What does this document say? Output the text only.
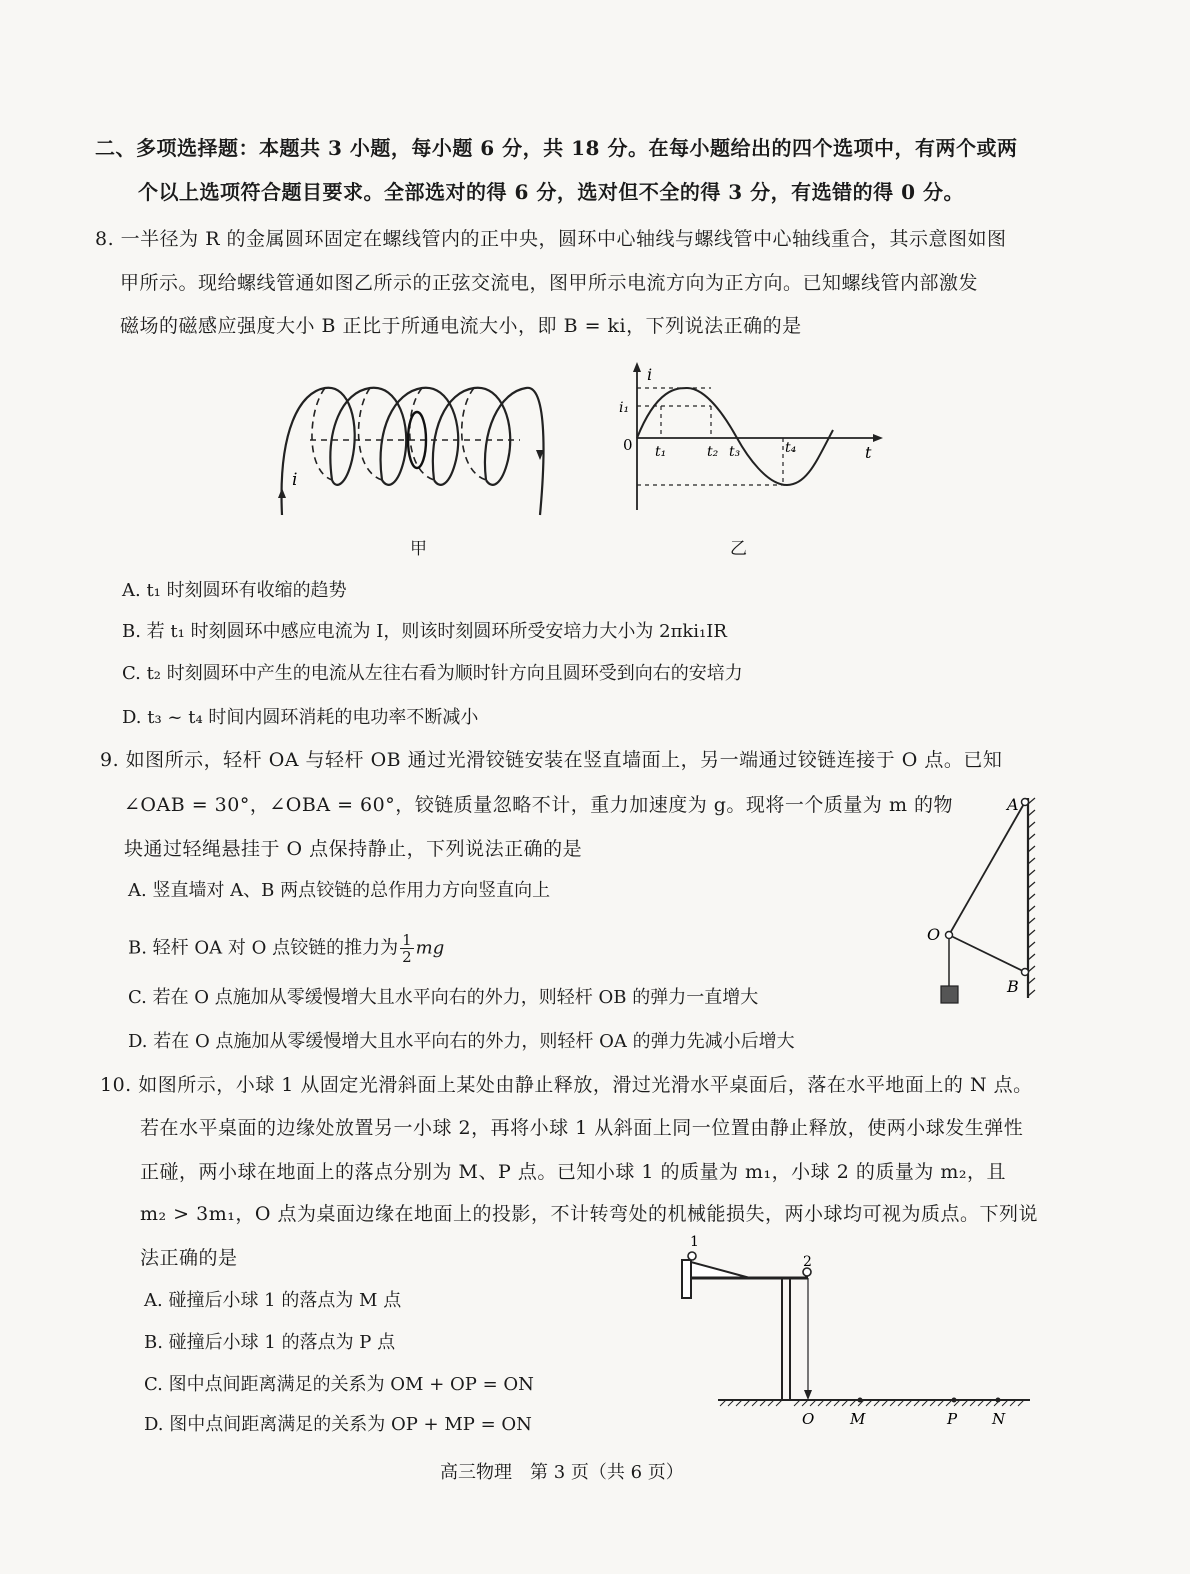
二、多项选择题：本题共 3 小题，每小题 6 分，共 18 分。在每小题给出的四个选项中，有两个或两
个以上选项符合题目要求。全部选对的得 6 分，选对但不全的得 3 分，有选错的得 0 分。
8. 一半径为 R 的金属圆环固定在螺线管内的正中央，圆环中心轴线与螺线管中心轴线重合，其示意图如图
甲所示。现给螺线管通如图乙所示的正弦交流电，图甲所示电流方向为正方向。已知螺线管内部激发
磁场的磁感应强度大小 B 正比于所通电流大小，即 B = ki，下列说法正确的是
i
甲
i
i₁
0 t₁	t₂ t₃	t₄	t
乙
A. t₁ 时刻圆环有收缩的趋势
B. 若 t₁ 时刻圆环中感应电流为 I，则该时刻圆环所受安培力大小为 2πki₁IR
C. t₂ 时刻圆环中产生的电流从左往右看为顺时针方向且圆环受到向右的安培力
D. t₃ ~ t₄ 时间内圆环消耗的电功率不断减小
9. 如图所示，轻杆 OA 与轻杆 OB 通过光滑铰链安装在竖直墙面上，另一端通过铰链连接于 O 点。已知
∠OAB = 30°，∠OBA = 60°，铰链质量忽略不计，重力加速度为 g。现将一个质量为 m 的物
块通过轻绳悬挂于 O 点保持静止，下列说法正确的是
A
O
B
A. 竖直墙对 A、B 两点铰链的总作用力方向竖直向上
B. 轻杆 OA 对 O 点铰链的推力为 $\frac{1}{2}$ mg
C. 若在 O 点施加从零缓慢增大且水平向右的外力，则轻杆 OB 的弹力一直增大
D. 若在 O 点施加从零缓慢增大且水平向右的外力，则轻杆 OA 的弹力先减小后增大
10. 如图所示，小球 1 从固定光滑斜面上某处由静止释放，滑过光滑水平桌面后，落在水平地面上的 N 点。
若在水平桌面的边缘处放置另一小球 2，再将小球 1 从斜面上同一位置由静止释放，使两小球发生弹性
正碰，两小球在地面上的落点分别为 M、P 点。已知小球 1 的质量为 m₁，小球 2 的质量为 m₂，且
m₂ > 3m₁，O 点为桌面边缘在地面上的投影，不计转弯处的机械能损失，两小球均可视为质点。下列说
法正确的是
A. 碰撞后小球 1 的落点为 M 点
B. 碰撞后小球 1 的落点为 P 点
C. 图中点间距离满足的关系为 OM + OP = ON
D. 图中点间距离满足的关系为 OP + MP = ON
1
2
O M	P N
高三物理　第 3 页（共 6 页）
